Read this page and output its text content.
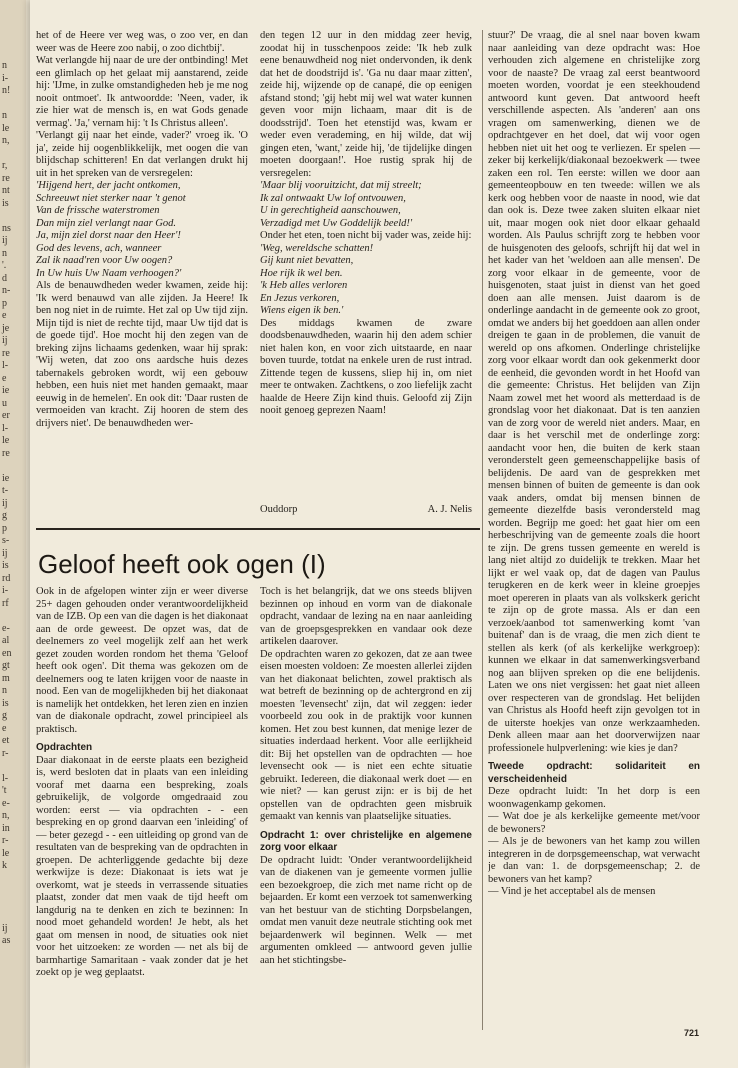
n
i-
n!
n
le
n,
r,
re
nt
is
ns
ij
n
'.
d
n-
p
e
je
ij
re
l-
e
ie
u
er
l-
le
re
ie
t-
ij
g
p
s-
ij
is
rd
i-
rf
e-
al
en
gt
m
n
is
g
e
et
r-
l-
't
e-
n,
in
r-
le
k
ij
as

het of de Heere ver weg was, o zoo ver, en dan weer was de Heere zoo nabij, o zoo dichtbij'.

Wat verlangde hij naar de ure der ontbinding! Met een glimlach op het gelaat mij aanstarend, zeide hij: 'IJme, in zulke omstandigheden heb je me nog nooit ontmoet'. Ik antwoordde: 'Neen, vader, ik zie hier wat de mensch is, en wat Gods genade vermag'. 'Ja,' vernam hij: 't Is Christus alleen'.

'Verlangt gij naar het einde, vader?' vroeg ik. 'O ja', zeide hij oogenblikkelijk, met oogen die van blijdschap schitteren! En dat verlangen drukt hij uit in het spreken van de versregelen:

'Hijgend hert, der jacht ontkomen,

Schreeuwt niet sterker naar 't genot

Van de frissche waterstromen

Dan mijn ziel verlangt naar God.

Ja, mijn ziel dorst naar den Heer'!

God des levens, ach, wanneer

Zal ik naad'ren voor Uw oogen?

In Uw huis Uw Naam verhoogen?'

Als de benauwdheden weder kwamen, zeide hij: 'Ik werd benauwd van alle zijden. Ja Heere! Ik ben nog niet in de ruimte. Het zal op Uw tijd zijn. Mijn tijd is niet de rechte tijd, maar Uw tijd dat is de goede tijd'. Hoe mocht hij den zegen van de breking zijns lichaams gedenken, waar hij sprak: 'Wij weten, dat zoo ons aardsche huis dezes tabernakels gebroken wordt, wij een gebouw hebben, een huis niet met handen gemaakt, maar eeuwig in de hemelen'. En ook dit: 'Daar rusten de vermoeiden van kracht. Zij hooren de stem des drijvers niet'. De benauwdheden wer-

den tegen 12 uur in den middag zeer hevig, zoodat hij in tusschenpoos zeide: 'Ik heb zulk eene benauwdheid nog niet ondervonden, ik denk dat het de doodstrijd is'. 'Ga nu daar maar zitten', zeide hij, wijzende op de canapé, die op eenigen afstand stond; 'gij hebt mij wel wat water kunnen geven voor mijn lichaam, maar dit is de doodsstrijd'. Toen het etenstijd was, kwam er weder even verademing, en hij wilde, dat wij gingen eten, 'want,' zeide hij, 'de tijdelijke dingen moeten doorgaan!'. Hoe rustig sprak hij de versregelen:

'Maar blij vooruitzicht, dat mij streelt;

Ik zal ontwaakt Uw lof ontvouwen,

U in gerechtigheid aanschouwen,

Verzadigd met Uw Goddelijk beeld!'

Onder het eten, toen nicht bij vader was, zeide hij:

'Weg, wereldsche schatten!

Gij kunt niet bevatten,

Hoe rijk ik wel ben.

'k Heb alles verloren

En Jezus verkoren,

Wiens eigen ik ben.'

Des middags kwamen de zware doodsbenauwdheden, waarin hij den adem schier niet halen kon, en voor zich uitstaarde, en naar boven tuurde, totdat na enkele uren de rust intrad. Zittende tegen de kussens, sliep hij in, om niet meer te ontwaken. Zachtkens, o zoo liefelijk zacht haalde de Heere Zijn kind thuis. Geloofd zij Zijn nooit genoeg geprezen Naam!

Ouddorp	A. J. Nelis
Geloof heeft ook ogen (I)

Ook in de afgelopen winter zijn er weer diverse 25+ dagen gehouden onder verantwoordelijkheid van de IZB. Op een van die dagen is het diakonaat aan de orde geweest. De opzet was, dat de deelnemers zo veel mogelijk zelf aan het werk gezet zouden worden rondom het thema 'Geloof heeft ook ogen'. Dit thema was gekozen om de deelnemers oog te laten krijgen voor de naaste in nood. Een van de mogelijkheden bij het diakonaat is namelijk het ontdekken, het leren zien en inzien van de diakonale opdracht, zowel principieel als praktisch.

Opdrachten

Daar diakonaat in de eerste plaats een bezigheid is, werd besloten dat in plaats van een inleiding vooraf met daarna een bespreking, zoals gebruikelijk, de volgorde omgedraaid zou worden: eerst — via opdrachten - - een bespreking en op grond daarvan een 'inleiding' of — beter gezegd - - een uitleiding op grond van de resultaten van de bespreking van de opdrachten in groepen. De achterliggende gedachte bij deze werkwijze is deze: Diakonaat is iets wat je overkomt, wat je steeds in verrassende situaties plaatst, zonder dat men vaak de tijd heeft om langdurig na te denken en zich te bezinnen: In nood moet gehandeld worden! Je hebt, als het gaat om mensen in nood, de situaties ook niet voor het uitzoeken: ze worden — net als bij de barmhartige Samaritaan - vaak zonder dat je het zoekt op je weg geplaatst.

Toch is het belangrijk, dat we ons steeds blijven bezinnen op inhoud en vorm van de diakonale opdracht, vandaar de lezing na en naar aanleiding van de groepsgesprekken en vandaar ook deze artikelen daarover.

De opdrachten waren zo gekozen, dat ze aan twee eisen moesten voldoen: Ze moesten allerlei zijden van het diakonaat belichten, zowel praktisch als wat betreft de bezinning op de achtergrond en zij moesten 'levensecht' zijn, dat wil zeggen: ieder voorbeeld zou ook in de praktijk voor kunnen komen. Het zou best kunnen, dat menige lezer de situaties inderdaad herkent. Voor alle eerlijkheid dit: Bij het opstellen van de opdrachten — hoe levensecht ook — is niet een echte situatie gebruikt. Iedereen, die diakonaal werk doet — en wie niet? — kan gerust zijn: er is bij de het opstellen van de opdrachten geen misbruik gemaakt van kennis van plaatselijke situaties.

Opdracht 1: over christelijke en algemene zorg voor elkaar

De opdracht luidt: 'Onder verantwoordelijkheid van de diakenen van je gemeente vormen jullie een bezoekgroep, die zich met name richt op de bejaarden. Er komt een verzoek tot samenwerking van het bestuur van de stichting Dorpsbelangen, omdat men vanuit deze neutrale stichting ook met bejaardenwerk wil beginnen. Welk — met argumenten omkleed — antwoord geven jullie aan het stichtingsbe-

stuur?' De vraag, die al snel naar boven kwam naar aanleiding van deze opdracht was: Hoe verhouden zich algemene en christelijke zorg voor de naaste? De vraag zal eerst beantwoord moeten worden, voordat je een steekhoudend antwoord kunt geven. Dat antwoord heeft verschillende aspecten. Als 'anderen' aan ons vragen om samenwerking, dienen we de opdrachtgever en het doel, dat wij voor ogen hebben niet uit het oog te verliezen. Er spelen — zeker bij kerkelijk/diakonaal bezoekwerk — twee zaken een rol. Ten eerste: willen we door aan gemeenteopbouw en ten tweede: willen we als kerk oog hebben voor de naaste in nood, wie dat dan ook is. Deze twee zaken sluiten elkaar niet uit, maar mogen ook niet door elkaar gehaald worden. Als Paulus schrijft zorg te hebben voor de huisgenoten des geloofs, schrijft hij dat wel in het kader van het 'weldoen aan alle mensen'. De zorg voor elkaar in de gemeente, voor de huisgenoten, staat juist in dienst van het goed doen aan alle mensen. Juist daarom is de onderlinge aandacht in de gemeente ook zo groot, omdat we anders bij het goeddoen aan allen onder dreigen te gaan in de problemen, die vanuit de wereld op ons afkomen. Onderlinge christelijke zorg voor elkaar wordt dan ook gekenmerkt door de eenheid, die gevonden wordt in het Hoofd van die gemeente: Christus. Het belijden van Zijn Naam zowel met het woord als metterdaad is de grondslag voor het diakonaat. Dat is ten aanzien van de zorg voor de wereld niet anders. Maar, en daar is het verschil met de onderlinge zorg: aandacht voor hen, die buiten de kerk staan veronderstelt geen gemeenschappelijke basis of belijdenis. De aard van de gesprekken met mensen binnen of buiten de gemeente is dan ook vaak anders, omdat bij mensen binnen de gemeente diezelfde basis verondersteld mag worden. Begrijp me goed: het gaat hier om een herbeschrijving van de gemeente zoals die hoort te zijn. De grens tussen gemeente en wereld is lang niet altijd zo duidelijk te trekken. Maar het lijkt er wel vaak op, dat de dagen van Paulus terugkeren en de kerk weer in kleine groepjes moet opereren in plaats van als volkskerk gericht te zijn op de grote massa. Als er dan een verzoek/aanbod tot samenwerking komt 'van buitenaf' dan is de vraag, die men zich dient te stellen als kerk (of als kerkelijke werkgroep): kunnen we elkaar in dat samenwerkingsverband nog aan blijven spreken op die ene belijdenis. Laten we ons niet vergissen: het gaat niet alleen over respecteren van de grondslag. Het belijden van Christus als Hoofd heeft zijn gevolgen tot in de uiterste hoekjes van onze werkzaamheden. Denk alleen maar aan het doorverwijzen naar professionele hulpverlening: wie kies je dan?

Tweede opdracht: solidariteit en verscheidenheid

Deze opdracht luidt: 'In het dorp is een woonwagenkamp gekomen.

— Wat doe je als kerkelijke gemeente met/voor de bewoners?

— Als je de bewoners van het kamp zou willen integreren in de dorpsgemeenschap, wat verwacht je dan van: 1. de dorpsgemeenschap; 2. de bewoners van het kamp?

— Vind je het acceptabel als de mensen

721
